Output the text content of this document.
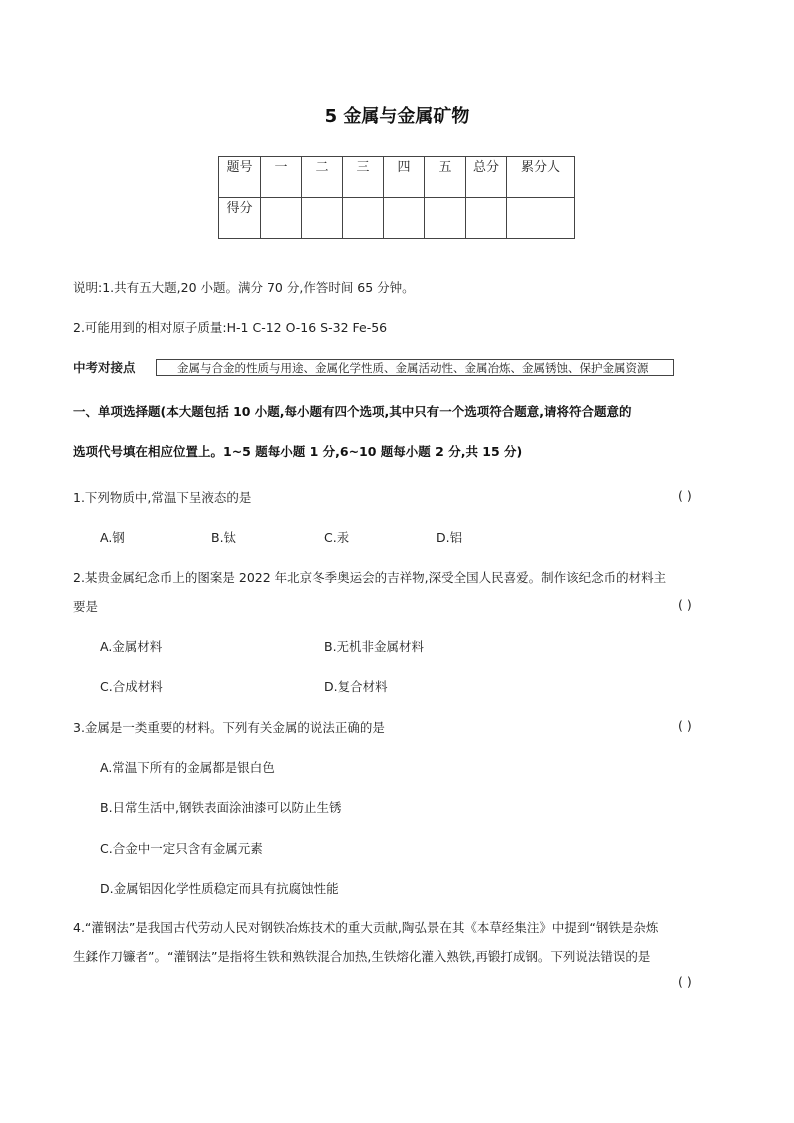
5 金属与金属矿物
题号	一	二	三	四	五	总分	累分人
得分							
说明:1.共有五大题,20 小题。满分 70 分,作答时间 65 分钟。
2.可能用到的相对原子质量:H-1 C-12 O-16 S-32 Fe-56
中考对接点	金属与合金的性质与用途、金属化学性质、金属活动性、金属冶炼、金属锈蚀、保护金属资源
一、单项选择题(本大题包括 10 小题,每小题有四个选项,其中只有一个选项符合题意,请将符合题意的
选项代号填在相应位置上。1~5 题每小题 1 分,6~10 题每小题 2 分,共 15 分)
1.下列物质中,常温下呈液态的是	( )
A.钢	B.钛	C.汞	D.铝
2.某贵金属纪念币上的图案是 2022 年北京冬季奥运会的吉祥物,深受全国人民喜爱。制作该纪念币的材料主
要是	( )
A.金属材料	B.无机非金属材料
C.合成材料	D.复合材料
3.金属是一类重要的材料。下列有关金属的说法正确的是	( )
A.常温下所有的金属都是银白色
B.日常生活中,钢铁表面涂油漆可以防止生锈
C.合金中一定只含有金属元素
D.金属铝因化学性质稳定而具有抗腐蚀性能
4.“灌钢法”是我国古代劳动人民对钢铁冶炼技术的重大贡献,陶弘景在其《本草经集注》中提到“钢铁是杂炼
生鍒作刀镰者”。“灌钢法”是指将生铁和熟铁混合加热,生铁熔化灌入熟铁,再锻打成钢。下列说法错误的是
( )
